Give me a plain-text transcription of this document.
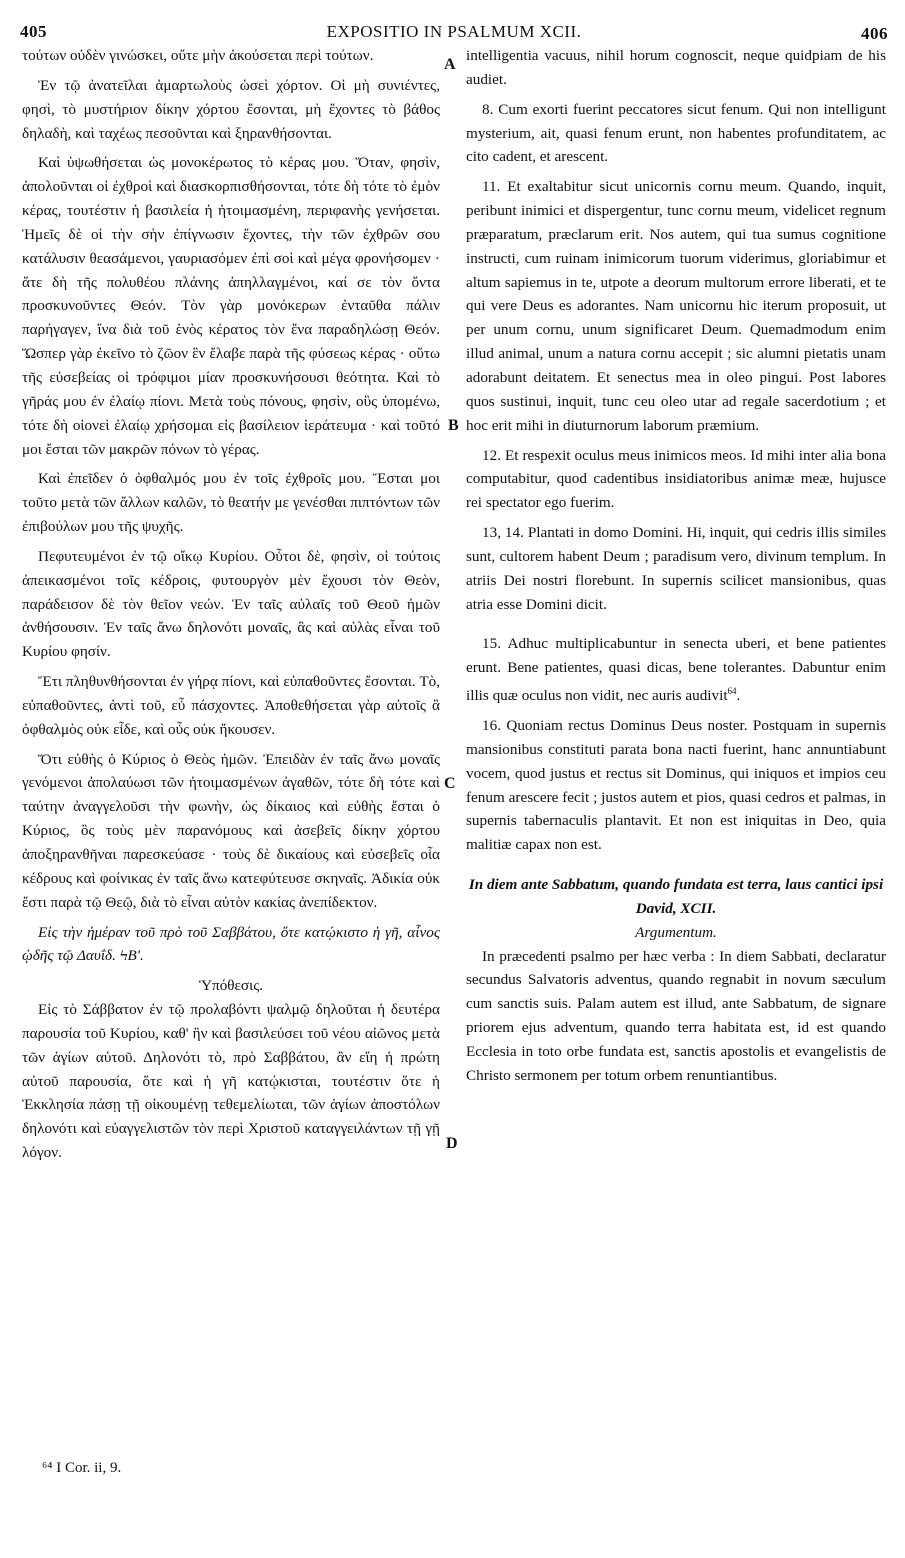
405	EXPOSITIO IN PSALMUM XCII.	406

τούτων οὐδὲν γινώσκει, οὔτε μὴν ἀκούσεται περὶ τούτων.

Ἐν τῷ ἀνατεῖλαι ἁμαρτωλοὺς ὡσεὶ χόρτον. Οἱ μὴ συνιέντες, φησὶ, τὸ μυστήριον δίκην χόρτου ἔσονται, μὴ ἔχοντες τὸ βάθος δηλαδὴ, καὶ ταχέως πεσοῦνται καὶ ξηρανθήσονται.

Καὶ ὑψωθήσεται ὡς μονοκέρωτος τὸ κέρας μου. Ὅταν, φησὶν, ἀπολοῦνται οἱ ἐχθροὶ καὶ διασκορπισθήσονται, τότε δὴ τότε τὸ ἐμὸν κέρας, τουτέστιν ἡ βασιλεία ἡ ἡτοιμασμένη, περιφανὴς γενήσεται. Ἡμεῖς δὲ οἱ τὴν σὴν ἐπίγνωσιν ἔχοντες, τὴν τῶν ἐχθρῶν σου κατάλυσιν θεασάμενοι, γαυριασόμεν ἐπὶ σοὶ καὶ μέγα φρονήσομεν · ἅτε δὴ τῆς πολυθέου πλάνης ἀπηλλαγμένοι, καί σε τὸν ὄντα προσκυνοῦντες Θεόν. Τὸν γὰρ μονόκερων ἐνταῦθα πάλιν παρήγαγεν, ἵνα διὰ τοῦ ἑνὸς κέρατος τὸν ἕνα παραδηλώσῃ Θεόν. Ὥσπερ γὰρ ἐκεῖνο τὸ ζῶον ἓν ἔλαβε παρὰ τῆς φύσεως κέρας · οὕτω τῆς εὐσεβείας οἱ τρόφιμοι μίαν προσκυνήσουσι θεότητα. Καὶ τὸ γῆράς μου ἐν ἐλαίῳ πίονι. Μετὰ τοὺς πόνους, φησὶν, οὓς ὑπομένω, τότε δὴ οἱονεὶ ἐλαίῳ χρήσομαι εἰς βασίλειον ἱεράτευμα · καὶ τοῦτό μοι ἔσται τῶν μακρῶν πόνων τὸ γέρας.

Καὶ ἐπεῖδεν ὁ ὀφθαλμός μου ἐν τοῖς ἐχθροῖς μου. Ἔσται μοι τοῦτο μετὰ τῶν ἄλλων καλῶν, τὸ θεατήν με γενέσθαι πιπτόντων τῶν ἐπιβούλων μου τῆς ψυχῆς.

Πεφυτευμένοι ἐν τῷ οἴκῳ Κυρίου. Οὗτοι δὲ, φησὶν, οἱ τούτοις ἀπεικασμένοι τοῖς κέδροις, φυτουργὸν μὲν ἔχουσι τὸν Θεὸν, παράδεισον δὲ τὸν θεῖον νεών. Ἐν ταῖς αὐλαῖς τοῦ Θεοῦ ἡμῶν ἀνθήσουσιν. Ἐν ταῖς ἄνω δηλονότι μοναῖς, ἃς καὶ αὐλὰς εἶναι τοῦ Κυρίου φησίν.

Ἔτι πληθυνθήσονται ἐν γήρᾳ πίονι, καὶ εὐπαθοῦντες ἔσονται. Τὸ, εὐπαθοῦντες, ἀντὶ τοῦ, εὖ πάσχοντες. Ἀποθεθήσεται γὰρ αὐτοῖς ἃ ὀφθαλμὸς οὐκ εἶδε, καὶ οὖς οὐκ ἤκουσεν.

Ὅτι εὐθὴς ὁ Κύριος ὁ Θεὸς ἡμῶν. Ἐπειδὰν ἐν ταῖς ἄνω μοναῖς γενόμενοι ἀπολαύωσι τῶν ἡτοιμασμένων ἀγαθῶν, τότε δὴ τότε καὶ ταύτην ἀναγγελοῦσι τὴν φωνὴν, ὡς δίκαιος καὶ εὐθὴς ἔσται ὁ Κύριος, ὃς τοὺς μὲν παρανόμους καὶ ἀσεβεῖς δίκην χόρτου ἀποξηρανθῆναι παρεσκεύασε · τοὺς δὲ δικαίους καὶ εὐσεβεῖς οἷα κέδρους καὶ φοίνικας ἐν ταῖς ἄνω κατεφύτευσε σκηναῖς. Ἀδικία οὐκ ἔστι παρὰ τῷ Θεῷ, διὰ τὸ εἶναι αὐτὸν κακίας ἀνεπίδεκτον.

Εἰς τὴν ἡμέραν τοῦ πρὸ τοῦ Σαββάτου, ὅτε κατῴκιστο ἡ γῆ, αἶνος ᾠδῆς τῷ Δαυΐδ. ϞΒ'.

Ὑπόθεσις.

Εἰς τὸ Σάββατον ἐν τῷ προλαβόντι ψαλμῷ δηλοῦται ἡ δευτέρα παρουσία τοῦ Κυρίου, καθ' ἣν καὶ βασιλεύσει τοῦ νέου αἰῶνος μετὰ τῶν ἁγίων αὐτοῦ. Δηλονότι τὸ, πρὸ Σαββάτου, ἂν εἴη ἡ πρώτη αὐτοῦ παρουσία, ὅτε καὶ ἡ γῆ κατῴκισται, τουτέστιν ὅτε ἡ Ἐκκλησία πάσῃ τῇ οἰκουμένῃ τεθεμελίωται, τῶν ἁγίων ἀποστόλων δηλονότι καὶ εὐαγγελιστῶν τὸν περὶ Χριστοῦ καταγγειλάντων τῇ γῇ λόγον.

intelligentia vacuus, nihil horum cognoscit, neque quidpiam de his audiet.

8. Cum exorti fuerint peccatores sicut fenum. Qui non intelligunt mysterium, ait, quasi fenum erunt, non habentes profunditatem, ac cito cadent, et arescent.

11. Et exaltabitur sicut unicornis cornu meum. Quando, inquit, peribunt inimici et dispergentur, tunc cornu meum, videlicet regnum præparatum, præclarum erit. Nos autem, qui tua sumus cognitione instructi, cum ruinam inimicorum tuorum viderimus, gloriabimur et altum sapiemus in te, utpote a deorum multorum errore liberati, et te qui vere Deus es adorantes. Nam unicornu hic iterum proposuit, ut per unum cornu, unum significaret Deum. Quemadmodum enim illud animal, unum a natura cornu accepit ; sic alumni pietatis unam adorabunt deitatem. Et senectus mea in oleo pingui. Post labores quos sustinui, inquit, tunc ceu oleo utar ad regale sacerdotium ; et hoc erit mihi in diuturnorum laborum præmium.

12. Et respexit oculus meus inimicos meos. Id mihi inter alia bona computabitur, quod cadentibus insidiatoribus animæ meæ, hujusce rei spectator ego fuerim.

13, 14. Plantati in domo Domini. Hi, inquit, qui cedris illis similes sunt, cultorem habent Deum ; paradisum vero, divinum templum. In atriis Dei nostri florebunt. In supernis scilicet mansionibus, quas atria esse Domini dicit.

15. Adhuc multiplicabuntur in senecta uberi, et bene patientes erunt. Bene patientes, quasi dicas, bene tolerantes. Dabuntur enim illis quæ oculus non vidit, nec auris audivit$^{64}$.

16. Quoniam rectus Dominus Deus noster. Postquam in supernis mansionibus constituti parata bona nacti fuerint, hanc annuntiabunt vocem, quod justus et rectus sit Dominus, qui iniquos et impios ceu fenum arescere fecit ; justos autem et pios, quasi cedros et palmas, in supernis tabernaculis plantavit. Et non est iniquitas in Deo, quia malitiæ capax non est.

In diem ante Sabbatum, quando fundata est terra, laus cantici ipsi David, XCII.

Argumentum.

In præcedenti psalmo per hæc verba : In diem Sabbati, declaratur secundus Salvatoris adventus, quando regnabit in novum sæculum cum sanctis suis. Palam autem est illud, ante Sabbatum, de signare priorem ejus adventum, quando terra habitata est, id est quando Ecclesia in toto orbe fundata est, sanctis apostolis et evangelistis de Christo sermonem per totum orbem renuntiantibus.

A
B
C
D
⁶⁴ I Cor. ii, 9.
